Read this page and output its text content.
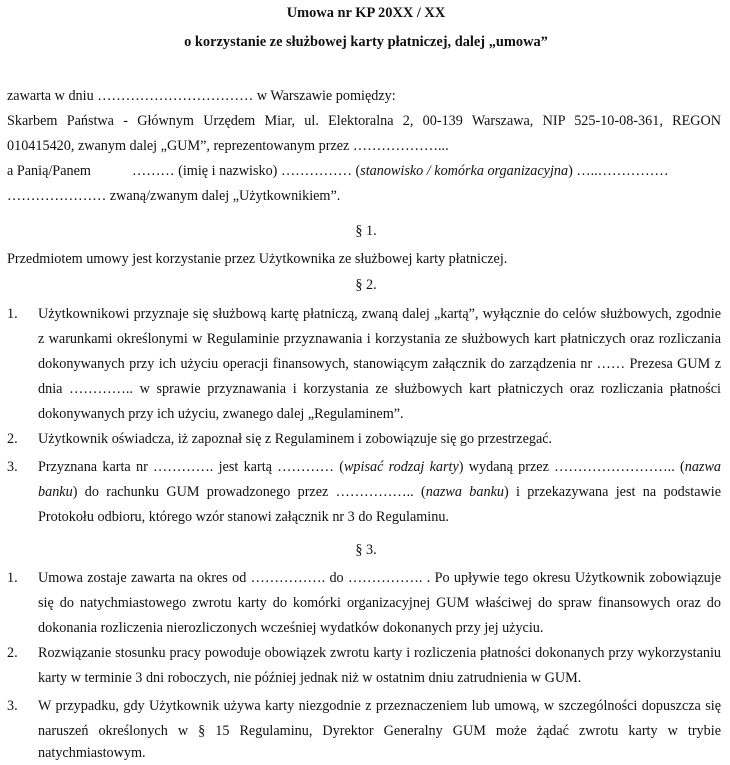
Umowa nr KP 20XX / XX
o korzystanie ze służbowej karty płatniczej, dalej „umowa”
zawarta w dniu …………………………… w Warszawie pomiędzy:
Skarbem Państwa - Głównym Urzędem Miar, ul. Elektoralna 2, 00-139 Warszawa, NIP 525-10-08-361, REGON
010415420, zwanym dalej „GUM”, reprezentowanym przez ………………...
a Panią/Panem	……… (imię i nazwisko) …………… (stanowisko / komórka organizacyjna) …..……………
………………… zwaną/zwanym dalej „Użytkownikiem”.
§ 1.
Przedmiotem umowy jest korzystanie przez Użytkownika ze służbowej karty płatniczej.
§ 2.
1. Użytkownikowi przyznaje się służbową kartę płatniczą, zwaną dalej „kartą”, wyłącznie do celów służbowych, zgodnie
z warunkami określonymi w Regulaminie przyznawania i korzystania ze służbowych kart płatniczych oraz rozliczania
dokonywanych przy ich użyciu operacji finansowych, stanowiącym załącznik do zarządzenia nr …… Prezesa GUM z
dnia ………….. w sprawie przyznawania i korzystania ze służbowych kart płatniczych oraz rozliczania płatności
dokonywanych przy ich użyciu, zwanego dalej „Regulaminem”.
2. Użytkownik oświadcza, iż zapoznał się z Regulaminem i zobowiązuje się go przestrzegać.
3. Przyznana karta nr …………. jest kartą ………… (wpisać rodzaj karty) wydaną przez …………………….. (nazwa
banku) do rachunku GUM prowadzonego przez …………….. (nazwa banku) i przekazywana jest na podstawie
Protokołu odbioru, którego wzór stanowi załącznik nr 3 do Regulaminu.
§ 3.
1. Umowa zostaje zawarta na okres od ……………. do ……………. . Po upływie tego okresu Użytkownik zobowiązuje
się do natychmiastowego zwrotu karty do komórki organizacyjnej GUM właściwej do spraw finansowych oraz do
dokonania rozliczenia nierozliczonych wcześniej wydatków dokonanych przy jej użyciu.
2. Rozwiązanie stosunku pracy powoduje obowiązek zwrotu karty i rozliczenia płatności dokonanych przy wykorzystaniu
karty w terminie 3 dni roboczych, nie później jednak niż w ostatnim dniu zatrudnienia w GUM.
3. W przypadku, gdy Użytkownik używa karty niezgodnie z przeznaczeniem lub umową, w szczególności dopuszcza się
naruszeń określonych w § 15 Regulaminu, Dyrektor Generalny GUM może żądać zwrotu karty w trybie
natychmiastowym.
